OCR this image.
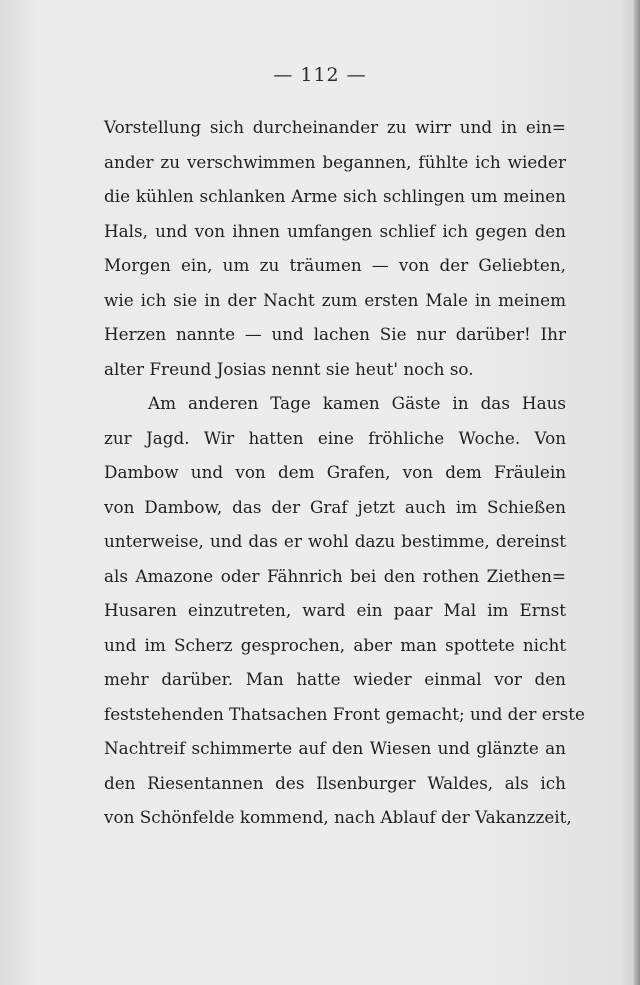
— 112 —
Vorstellung sich durcheinander zu wirr und in ein=
ander zu verschwimmen begannen, fühlte ich wieder
die kühlen schlanken Arme sich schlingen um meinen
Hals, und von ihnen umfangen schlief ich gegen den
Morgen ein, um zu träumen — von der Geliebten,
wie ich sie in der Nacht zum ersten Male in meinem
Herzen nannte — und lachen Sie nur darüber! Ihr
alter Freund Josias nennt sie heut' noch so.
Am anderen Tage kamen Gäste in das Haus
zur Jagd. Wir hatten eine fröhliche Woche. Von
Dambow und von dem Grafen, von dem Fräulein
von Dambow, das der Graf jetzt auch im Schießen
unterweise, und das er wohl dazu bestimme, dereinst
als Amazone oder Fähnrich bei den rothen Ziethen=
Husaren einzutreten, ward ein paar Mal im Ernst
und im Scherz gesprochen, aber man spottete nicht
mehr darüber. Man hatte wieder einmal vor den
feststehenden Thatsachen Front gemacht; und der erste
Nachtreif schimmerte auf den Wiesen und glänzte an
den Riesentannen des Ilsenburger Waldes, als ich
von Schönfelde kommend, nach Ablauf der Vakanzzeit,
